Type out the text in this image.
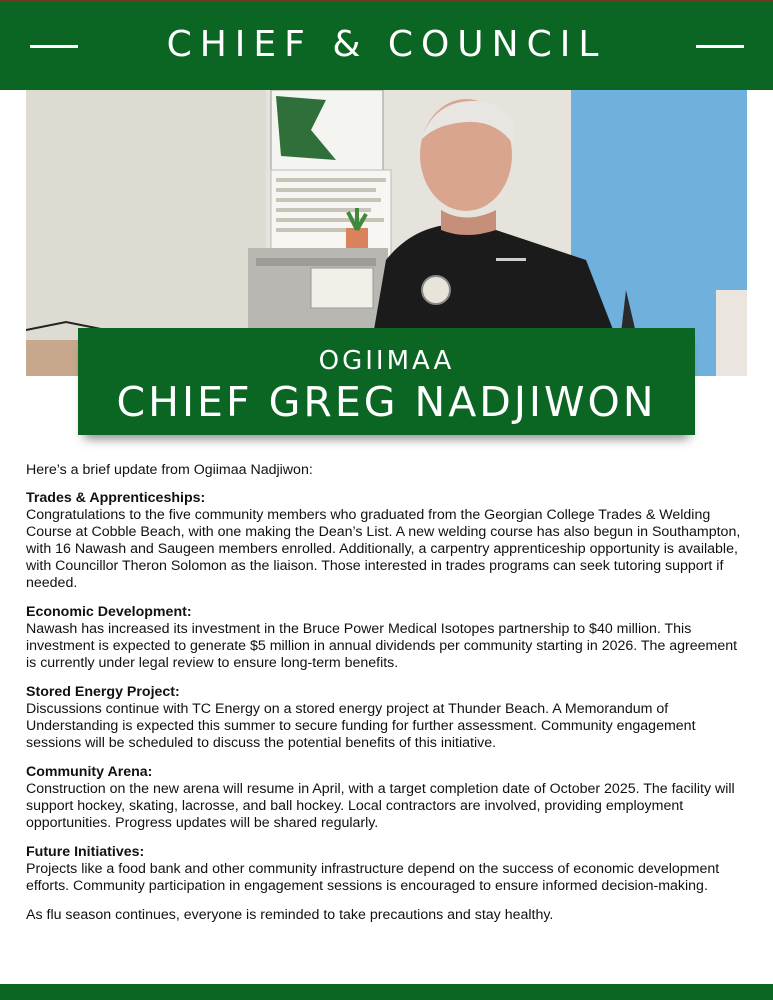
CHIEF & COUNCIL
OGIIMAA
CHIEF GREG NADJIWON

Here’s a brief update from Ogiimaa Nadjiwon:

Trades & Apprenticeships:

Congratulations to the five community members who graduated from the Georgian College Trades & Welding Course at Cobble Beach, with one making the Dean’s List. A new welding course has also begun in Southampton, with 16 Nawash and Saugeen members enrolled. Additionally, a carpentry apprenticeship opportunity is available, with Councillor Theron Solomon as the liaison. Those interested in trades programs can seek tutoring support if needed.

Economic Development:

Nawash has increased its investment in the Bruce Power Medical Isotopes partnership to $40 million. This investment is expected to generate $5 million in annual dividends per community starting in 2026. The agreement is currently under legal review to ensure long-term benefits.

Stored Energy Project:

Discussions continue with TC Energy on a stored energy project at Thunder Beach. A Memorandum of Understanding is expected this summer to secure funding for further assessment. Community engagement sessions will be scheduled to discuss the potential benefits of this initiative.

Community Arena:

Construction on the new arena will resume in April, with a target completion date of October 2025. The facility will support hockey, skating, lacrosse, and ball hockey. Local contractors are involved, providing employment opportunities. Progress updates will be shared regularly.

Future Initiatives:

Projects like a food bank and other community infrastructure depend on the success of economic development efforts. Community participation in engagement sessions is encouraged to ensure informed decision-making.

As flu season continues, everyone is reminded to take precautions and stay healthy.
